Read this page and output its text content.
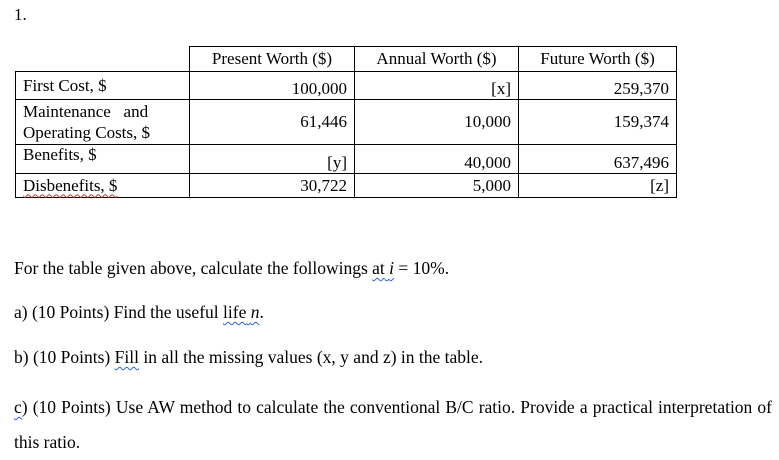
1.
	Present Worth ($)	Annual Worth ($)	Future Worth ($)
First Cost, $	100,000	[x]	259,370

Maintenance   and
Operating Costs, $	61,446	10,000	159,374
Benefits, $	[y]	40,000	637,496
Disbenefits, $	30,722	5,000	[z]
For the table given above, calculate the followings at i = 10%.
a) (10 Points) Find the useful life n.
b) (10 Points) Fill in all the missing values (x, y and z) in the table.
c) (10 Points) Use AW method to calculate the conventional B/C ratio. Provide a practical interpretation of this ratio.
